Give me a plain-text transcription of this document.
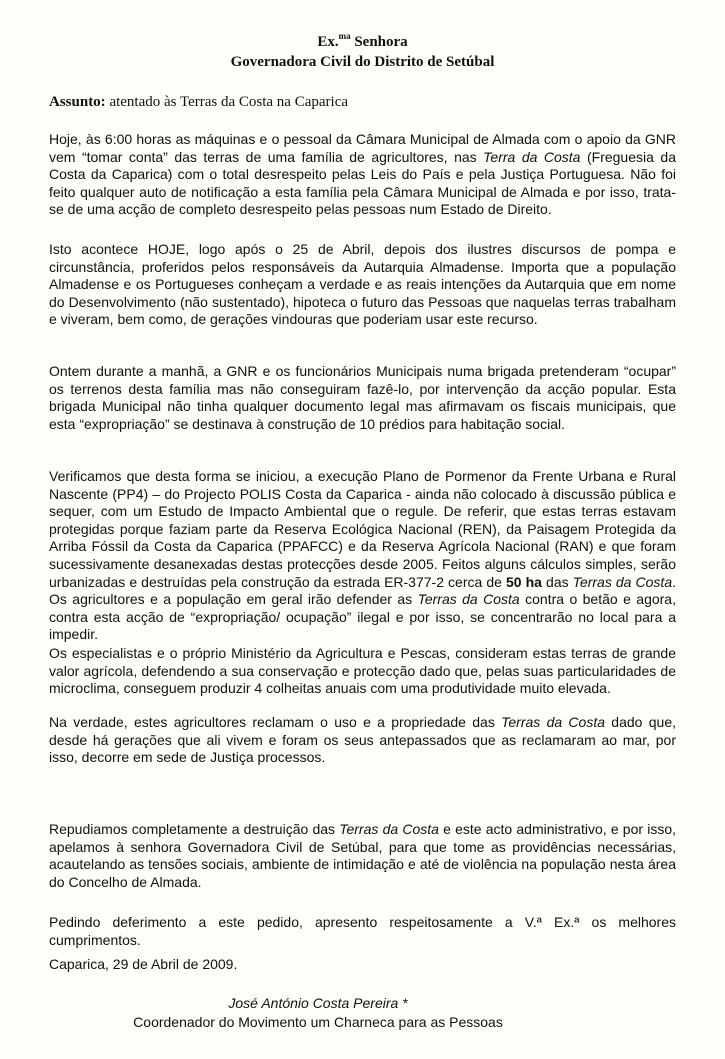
Ex.$^{ma}$ Senhora
Governadora Civil do Distrito de Setúbal
Assunto: atentado às Terras da Costa na Caparica
Hoje, às 6:00 horas as máquinas e o pessoal da Câmara Municipal de Almada com o apoio da GNR vem “tomar conta” das terras de uma família de agricultores, nas Terra da Costa (Freguesia da Costa da Caparica) com o total desrespeito pelas Leis do País e pela Justiça Portuguesa. Não foi feito qualquer auto de notificação a esta família pela Câmara Municipal de Almada e por isso, trata-se de uma acção de completo desrespeito pelas pessoas num Estado de Direito.
Isto acontece HOJE, logo após o 25 de Abril, depois dos ilustres discursos de pompa e circunstância, proferidos pelos responsáveis da Autarquia Almadense. Importa que a população Almadense e os Portugueses conheçam a verdade e as reais intenções da Autarquia que em nome do Desenvolvimento (não sustentado), hipoteca o futuro das Pessoas que naquelas terras trabalham e viveram, bem como, de gerações vindouras que poderiam usar este recurso.
Ontem durante a manhã, a GNR e os funcionários Municipais numa brigada pretenderam “ocupar” os terrenos desta família mas não conseguiram fazê-lo, por intervenção da acção popular. Esta brigada Municipal não tinha qualquer documento legal mas afirmavam os fiscais municipais, que esta “expropriação” se destinava à construção de 10 prédios para habitação social.
Verificamos que desta forma se iniciou, a execução Plano de Pormenor da Frente Urbana e Rural Nascente (PP4) – do Projecto POLIS Costa da Caparica - ainda não colocado à discussão pública e sequer, com um Estudo de Impacto Ambiental que o regule. De referir, que estas terras estavam protegidas porque faziam parte da Reserva Ecológica Nacional (REN), da Paisagem Protegida da Arriba Fóssil da Costa da Caparica (PPAFCC) e da Reserva Agrícola Nacional (RAN) e que foram sucessivamente desanexadas destas protecções desde 2005. Feitos alguns cálculos simples, serão urbanizadas e destruídas pela construção da estrada ER-377-2 cerca de 50 ha das Terras da Costa. Os agricultores e a população em geral irão defender as Terras da Costa contra o betão e agora, contra esta acção de “expropriação/ ocupação” ilegal e por isso, se concentrarão no local para a impedir.
Os especialistas e o próprio Ministério da Agricultura e Pescas, consideram estas terras de grande valor agrícola, defendendo a sua conservação e protecção dado que, pelas suas particularidades de microclima, conseguem produzir 4 colheitas anuais com uma produtividade muito elevada.
Na verdade, estes agricultores reclamam o uso e a propriedade das Terras da Costa dado que, desde há gerações que ali vivem e foram os seus antepassados que as reclamaram ao mar, por isso, decorre em sede de Justiça processos.
Repudiamos completamente a destruição das Terras da Costa e este acto administrativo, e por isso, apelamos à senhora Governadora Civil de Setúbal, para que tome as providências necessárias, acautelando as tensões sociais, ambiente de intimidação e até de violência na população nesta área do Concelho de Almada.
Pedindo deferimento a este pedido, apresento respeitosamente a V.ª Ex.ª os melhores cumprimentos.
Caparica, 29 de Abril de 2009.
José António Costa Pereira *
Coordenador do Movimento um Charneca para as Pessoas
